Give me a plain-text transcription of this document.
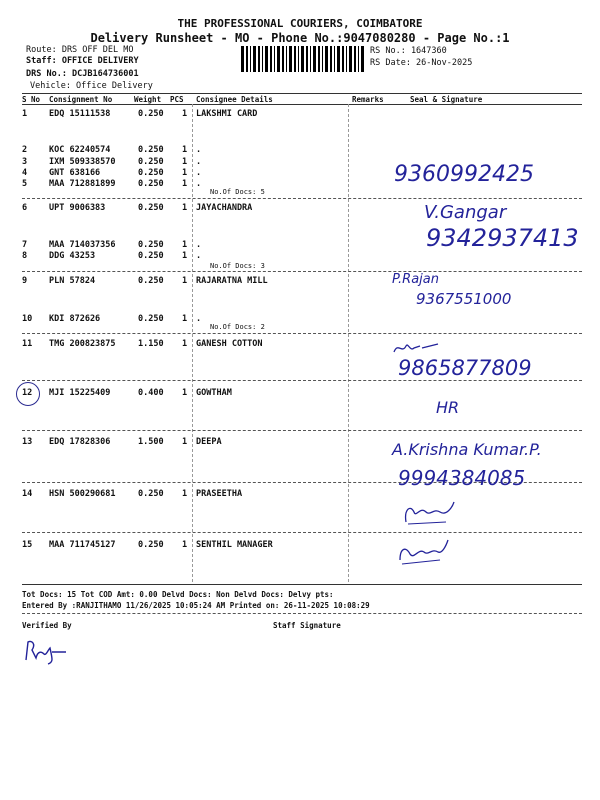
THE PROFESSIONAL COURIERS, COIMBATORE
Delivery Runsheet - MO - Phone No.:9047080280 - Page No.:1
Route: DRS OFF DEL MO
Staff: OFFICE DELIVERY
DRS No.: DCJB164736001
Vehicle: Office Delivery
RS No.: 1647360
RS Date: 26-Nov-2025
S No Consignment No	Weight PCS Consignee Details	Remarks	Seal & Signature
1	EDQ 15111538	0.250 1 LAKSHMI CARD
2	KOC 62240574	0.250 1 .
3	IXM 509338570	0.250 1 .
4	GNT 638166	0.250 1 .
5	MAA 712881899	0.250 1 .
6	UPT 9006383	0.250 1 JAYACHANDRA
7	MAA 714037356	0.250 1 .
8	DDG 43253	0.250 1 .
9	PLN 57824	0.250 1 RAJARATNA MILL
10 KDI 872626	0.250 1 .
11 TMG 200823875	1.150 1 GANESH COTTON
12 MJI 15225409	0.400 1 GOWTHAM
13 EDQ 17828306	1.500 1 DEEPA
14 HSN 500290681	0.250 1 PRASEETHA
15 MAA 711745127	0.250 1 SENTHIL MANAGER
No.Of Docs: 5
No.Of Docs: 3
No.Of Docs: 2
9360992425
V.Gangar
9342937413
P.Rajan
9367551000
9865877809
HR
A.Krishna Kumar.P.
9994384085
Tot Docs: 15 Tot COD Amt: 0.00 Delvd Docs: Non Delvd Docs: Delvy pts:
Entered By :RANJITHAMO 11/26/2025 10:05:24 AM Printed on: 26-11-2025 10:08:29
Verified By	Staff Signature
